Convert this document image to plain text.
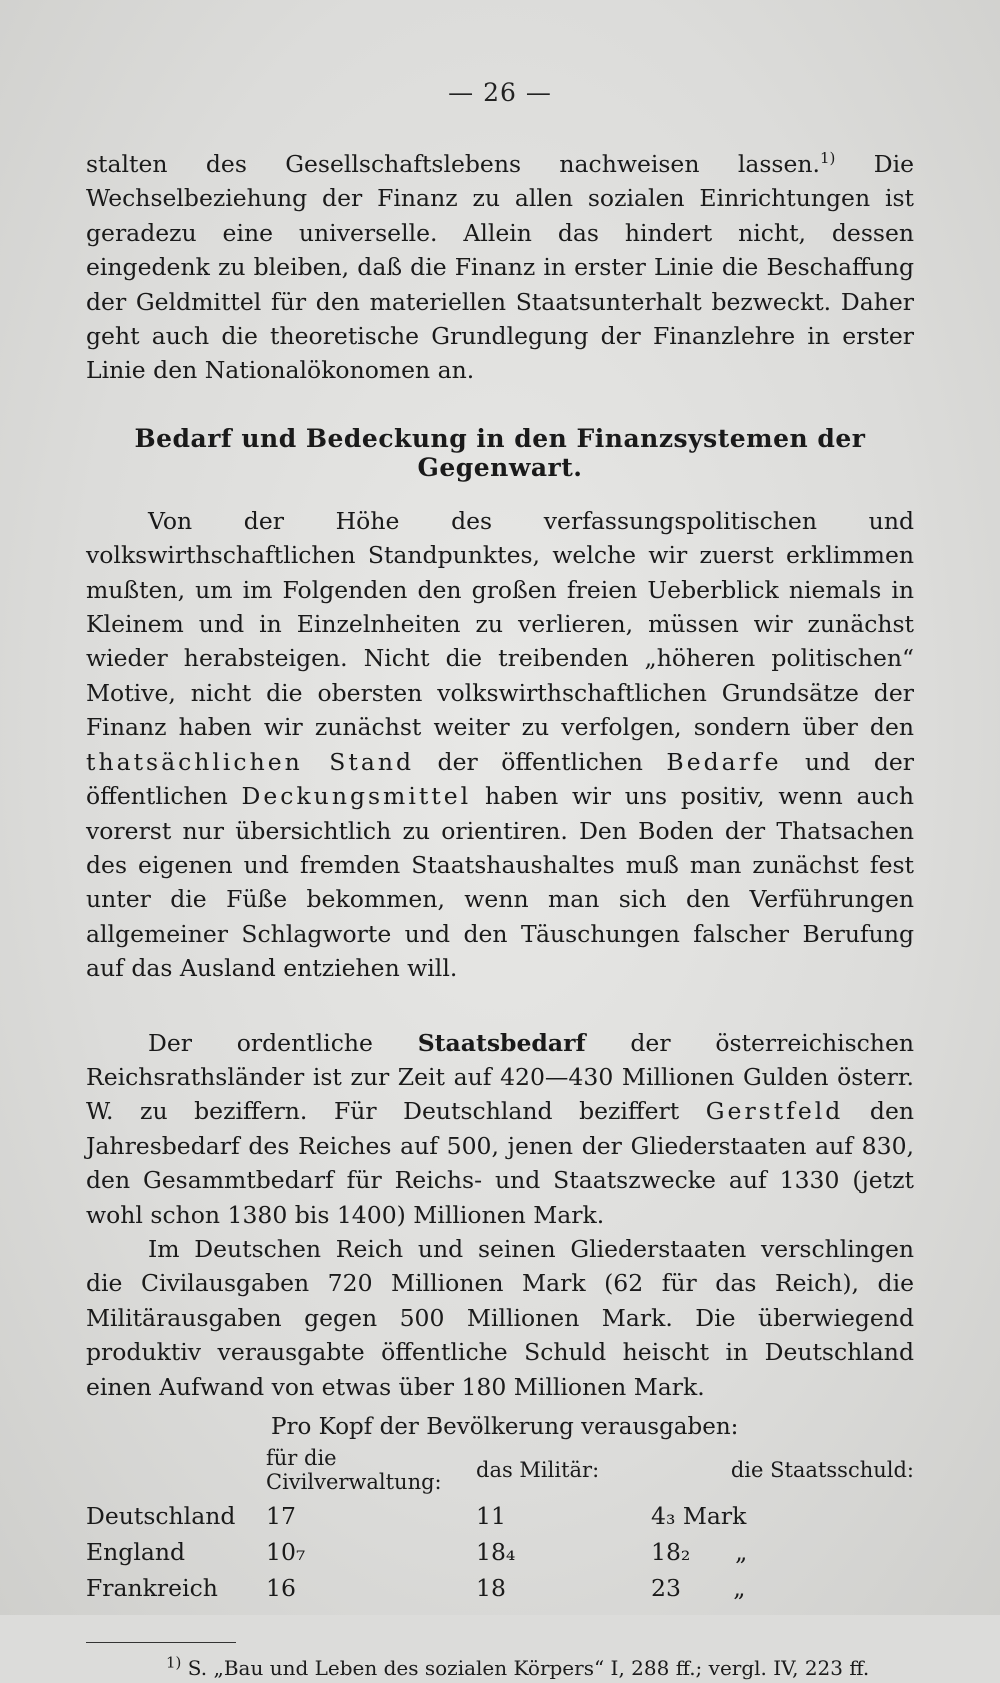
— 26 —

stalten des Gesellschaftslebens nachweisen lassen.$^{1)}$ Die Wechselbeziehung der Finanz zu allen sozialen Einrichtungen ist geradezu eine universelle. Allein das hindert nicht, dessen eingedenk zu bleiben, daß die Finanz in erster Linie die Beschaffung der Geldmittel für den materiellen Staatsunterhalt bezweckt. Daher geht auch die theoretische Grundlegung der Finanzlehre in erster Linie den Nationalökonomen an.

Bedarf und Bedeckung in den Finanzsystemen der Gegenwart.

Von der Höhe des verfassungspolitischen und volkswirthschaftlichen Standpunktes, welche wir zuerst erklimmen mußten, um im Folgenden den großen freien Ueberblick niemals in Kleinem und in Einzelnheiten zu verlieren, müssen wir zunächst wieder herabsteigen. Nicht die treibenden „höheren politischen“ Motive, nicht die obersten volkswirthschaftlichen Grundsätze der Finanz haben wir zunächst weiter zu verfolgen, sondern über den thatsächlichen Stand der öffentlichen Bedarfe und der öffentlichen Deckungsmittel haben wir uns positiv, wenn auch vorerst nur übersichtlich zu orientiren. Den Boden der Thatsachen des eigenen und fremden Staatshaushaltes muß man zunächst fest unter die Füße bekommen, wenn man sich den Verführungen allgemeiner Schlagworte und den Täuschungen falscher Berufung auf das Ausland entziehen will.

Der ordentliche Staatsbedarf der österreichischen Reichsrathsländer ist zur Zeit auf 420—430 Millionen Gulden österr. W. zu beziffern. Für Deutschland beziffert Gerstfeld den Jahresbedarf des Reiches auf 500, jenen der Gliederstaaten auf 830, den Gesammtbedarf für Reichs- und Staatszwecke auf 1330 (jetzt wohl schon 1380 bis 1400) Millionen Mark.

Im Deutschen Reich und seinen Gliederstaaten verschlingen die Civilausgaben 720 Millionen Mark (62 für das Reich), die Militärausgaben gegen 500 Millionen Mark. Die überwiegend produktiv verausgabte öffentliche Schuld heischt in Deutschland einen Aufwand von etwas über 180 Millionen Mark.

Pro Kopf der Bevölkerung verausgaben:
	für die Civilverwaltung:	das Militär:	die Staatsschuld:
Deutschland	17	11	4₃ Mark
England	10₇	18₄	18₂ „
Frankreich	16	18	23 „
$^{1)}$ S. „Bau und Leben des sozialen Körpers“ I, 288 ff.; vergl. IV, 223 ff.
